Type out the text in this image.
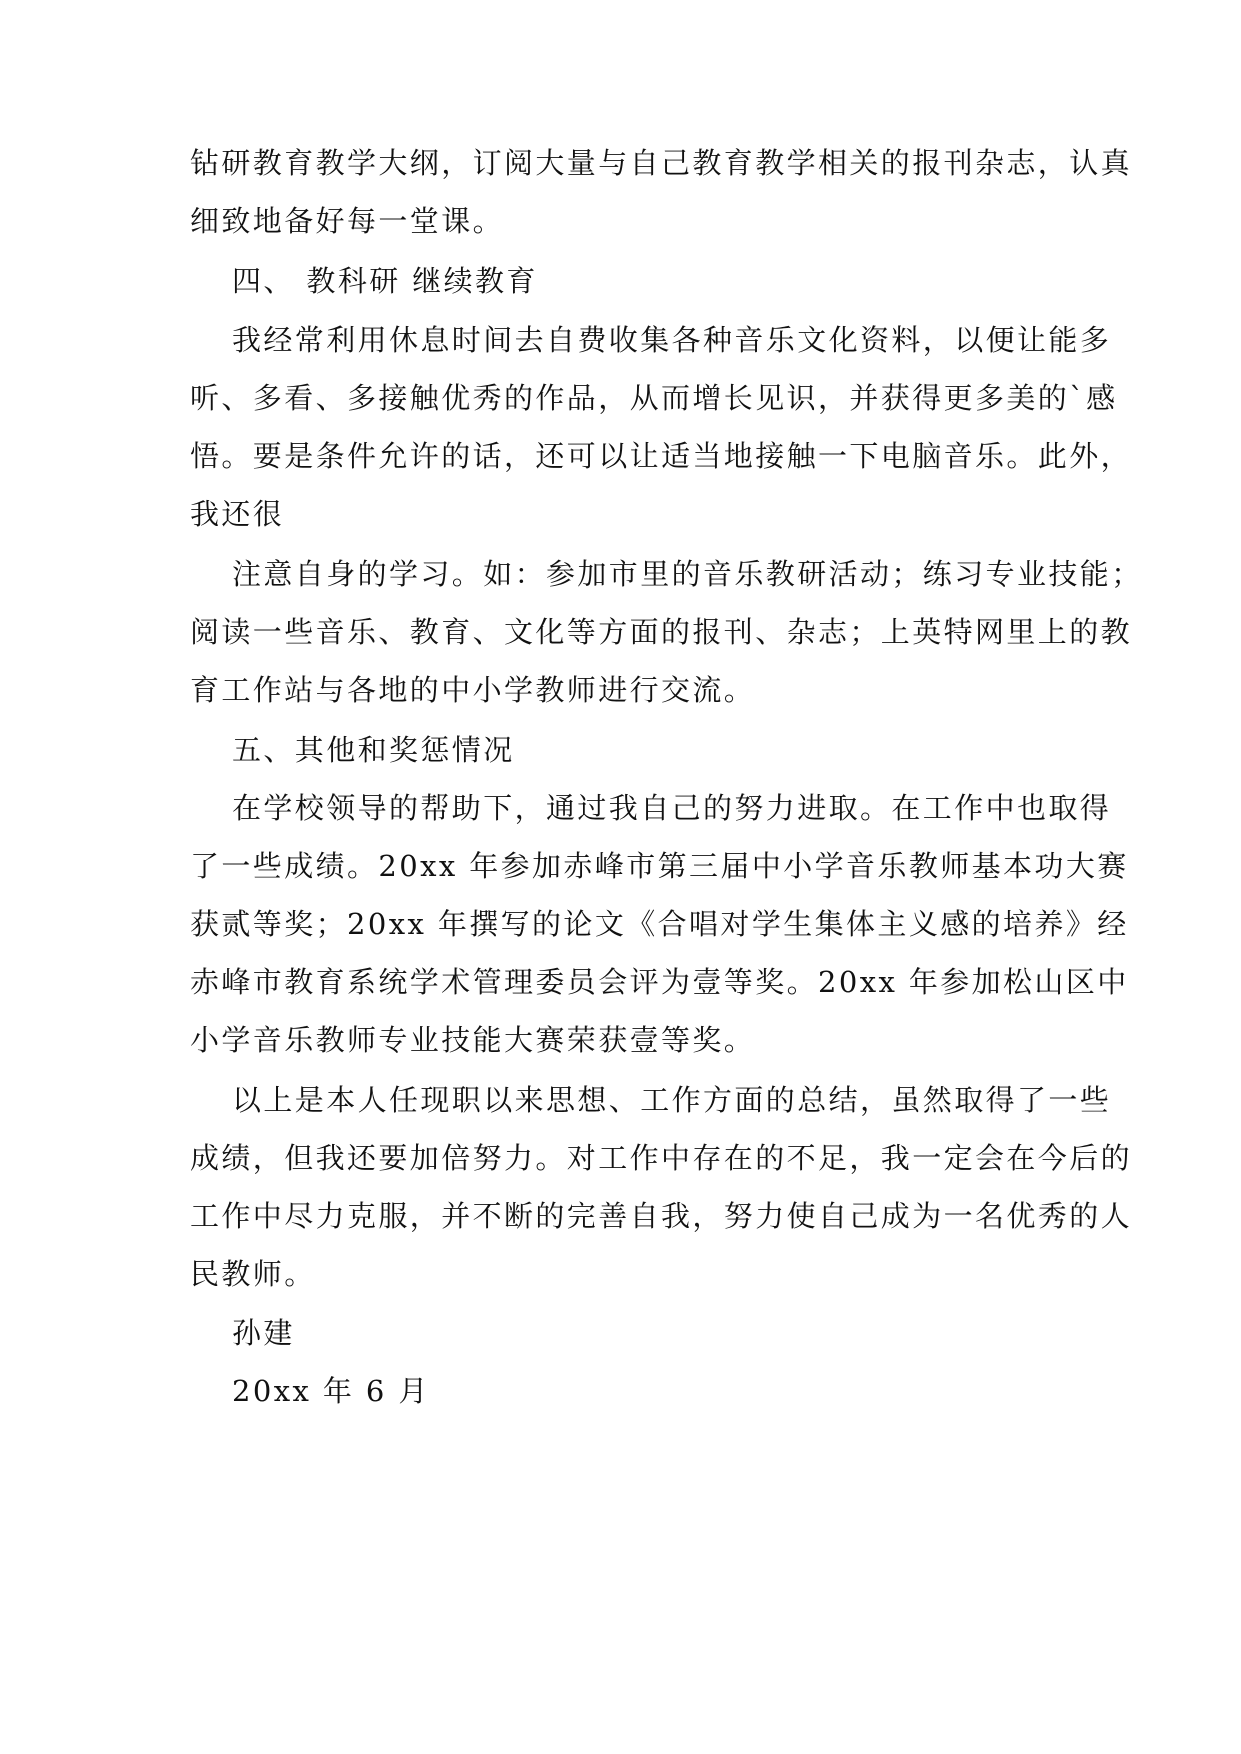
钻研教育教学大纲，订阅大量与自己教育教学相关的报刊杂志，认真

细致地备好每一堂课。

四、 教科研 继续教育

我经常利用休息时间去自费收集各种音乐文化资料，以便让能多

听、多看、多接触优秀的作品，从而增长见识，并获得更多美的`感

悟。要是条件允许的话，还可以让适当地接触一下电脑音乐。此外，

我还很

注意自身的学习。如：参加市里的音乐教研活动；练习专业技能；

阅读一些音乐、教育、文化等方面的报刊、杂志；上英特网里上的教

育工作站与各地的中小学教师进行交流。

五、其他和奖惩情况

在学校领导的帮助下，通过我自己的努力进取。在工作中也取得

了一些成绩。20xx 年参加赤峰市第三届中小学音乐教师基本功大赛

获贰等奖；20xx 年撰写的论文《合唱对学生集体主义感的培养》经

赤峰市教育系统学术管理委员会评为壹等奖。20xx 年参加松山区中

小学音乐教师专业技能大赛荣获壹等奖。

以上是本人任现职以来思想、工作方面的总结，虽然取得了一些

成绩，但我还要加倍努力。对工作中存在的不足，我一定会在今后的

工作中尽力克服，并不断的完善自我，努力使自己成为一名优秀的人

民教师。

孙建

20xx 年 6 月
